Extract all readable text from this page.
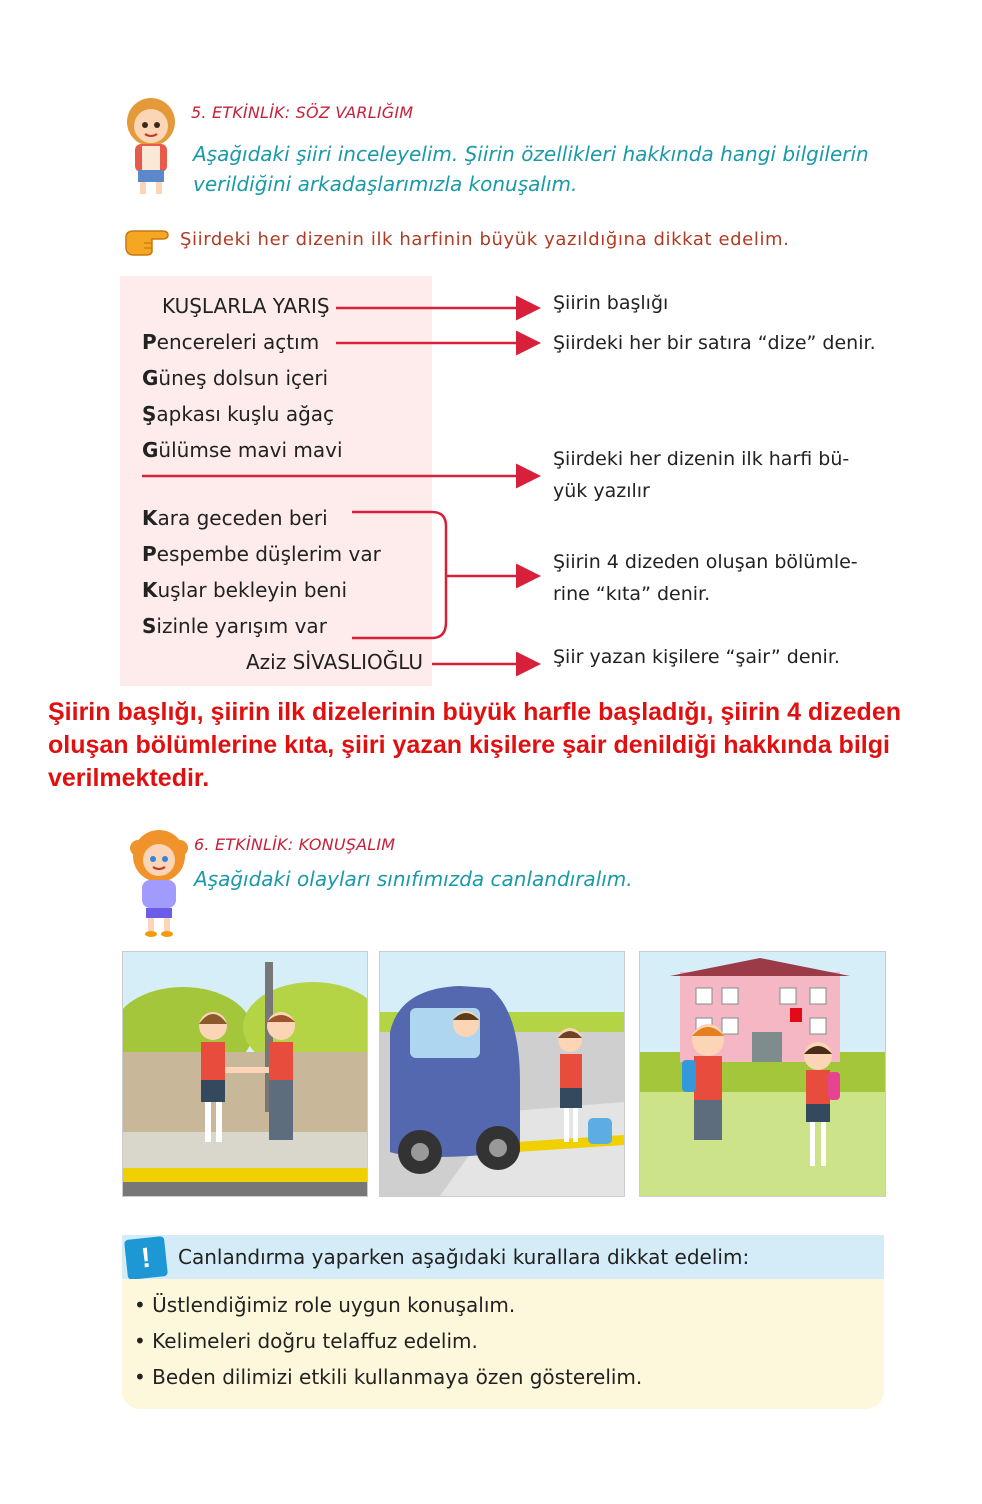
5. ETKİNLİK: SÖZ VARLIĞIM
Aşağıdaki şiiri inceleyelim. Şiirin özellikleri hakkında hangi bilgilerin verildiğini arkadaşlarımızla konuşalım.
Şiirdeki her dizenin ilk harfinin büyük yazıldığına dikkat edelim.
KUŞLARLA YARIŞ
Pencereleri açtım
Güneş dolsun içeri
Şapkası kuşlu ağaç
Gülümse mavi mavi
Kara geceden beri
Pespembe düşlerim var
Kuşlar bekleyin beni
Sizinle yarışım var
Aziz SİVASLIOĞLU
Şiirin başlığı
Şiirdeki her bir satıra “dize” denir.
Şiirdeki her dizenin ilk harfi bü-
yük yazılır
Şiirin 4 dizeden oluşan bölümle-
rine “kıta” denir.
Şiir yazan kişilere “şair” denir.
Şiirin başlığı, şiirin ilk dizelerinin büyük harfle başladığı, şiirin 4 dizeden oluşan bölümlerine kıta, şiiri yazan kişilere şair denildiği hakkında bilgi verilmektedir.
6. ETKİNLİK: KONUŞALIM
Aşağıdaki olayları sınıfımızda canlandıralım.
!	Canlandırma yaparken aşağıdaki kurallara dikkat edelim:
• Üstlendiğimiz role uygun konuşalım.
• Kelimeleri doğru telaffuz edelim.
• Beden dilimizi etkili kullanmaya özen gösterelim.
